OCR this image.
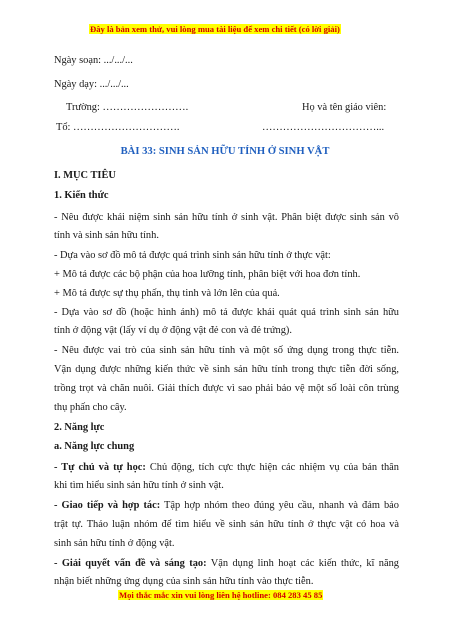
Đây là bản xem thử, vui lòng mua tài liệu để xem chi tiết (có lời giải)
Ngày soạn: .../.../...
Ngày dạy: .../.../...
Trường: …………………….	Họ và tên giáo viên:
Tổ: ………………………….	……………………………...
BÀI 33: SINH SẢN HỮU TÍNH Ở SINH VẬT
I. MỤC TIÊU
1. Kiến thức
- Nêu được khái niệm sinh sản hữu tính ở sinh vật. Phân biệt được sinh sản vô
tính và sinh sản hữu tính.
- Dựa vào sơ đồ mô tả được quá trình sinh sản hữu tính ở thực vật:
+ Mô tả được các bộ phận của hoa lưỡng tính, phân biệt với hoa đơn tính.
+ Mô tả được sự thụ phấn, thụ tinh và lớn lên của quả.
- Dựa vào sơ đồ (hoặc hình ảnh) mô tả được khái quát quá trình sinh sản hữu
tính ở động vật (lấy ví dụ ở động vật đẻ con và đẻ trứng).
- Nêu được vai trò của sinh sản hữu tính và một số ứng dụng trong thực tiễn.
Vận dụng được những kiến thức về sinh sản hữu tính trong thực tiễn đời sống,
trồng trọt và chăn nuôi. Giải thích được vì sao phải bảo vệ một số loài côn trùng
thụ phấn cho cây.
2. Năng lực
a. Năng lực chung
- Tự chủ và tự học: Chủ động, tích cực thực hiện các nhiệm vụ của bản thân
khi tìm hiểu sinh sản hữu tính ở sinh vật.
- Giao tiếp và hợp tác: Tập hợp nhóm theo đúng yêu cầu, nhanh và đảm bảo
trật tự. Thảo luận nhóm để tìm hiểu về sinh sản hữu tính ở thực vật có hoa và
sinh sản hữu tính ở động vật.
- Giải quyết vấn đề và sáng tạo: Vận dụng linh hoạt các kiến thức, kĩ năng
nhận biết những ứng dụng của sinh sản hữu tính vào thực tiễn.
Mọi thắc mắc xin vui lòng liên hệ hotline: 084 283 45 85
